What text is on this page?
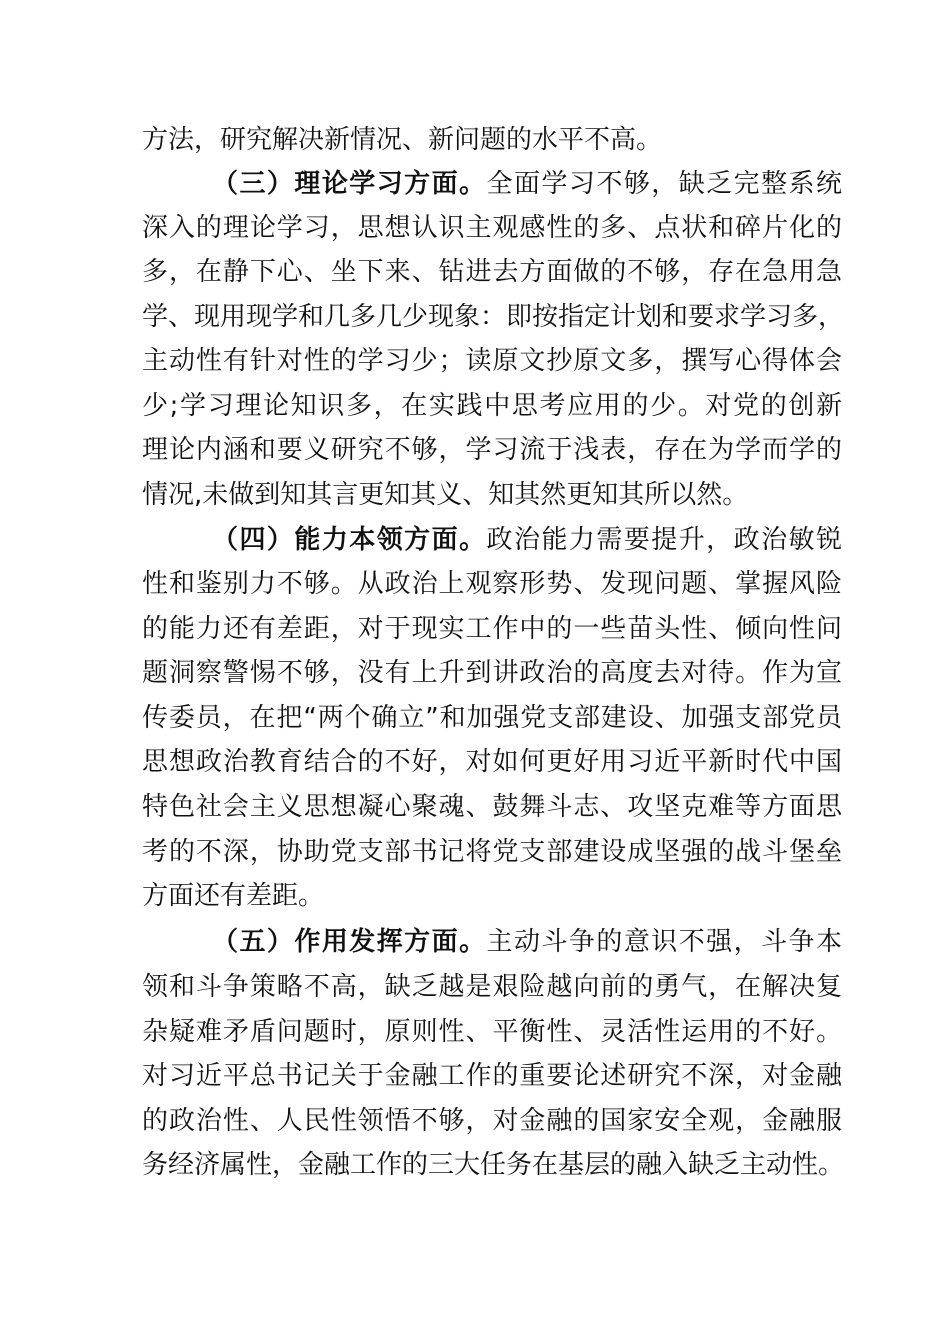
方法，研究解决新情况、新问题的水平不高。
（三）理论学习方面。全面学习不够，缺乏完整系统
深入的理论学习，思想认识主观感性的多、点状和碎片化的
多，在静下心、坐下来、钻进去方面做的不够，存在急用急
学、现用现学和几多几少现象：即按指定计划和要求学习多，
主动性有针对性的学习少；读原文抄原文多，撰写心得体会
少;学习理论知识多，在实践中思考应用的少。对党的创新
理论内涵和要义研究不够，学习流于浅表，存在为学而学的
情况,未做到知其言更知其义、知其然更知其所以然。
（四）能力本领方面。政治能力需要提升，政治敏锐
性和鉴别力不够。从政治上观察形势、发现问题、掌握风险
的能力还有差距，对于现实工作中的一些苗头性、倾向性问
题洞察警惕不够，没有上升到讲政治的高度去对待。作为宣
传委员，在把“两个确立”和加强党支部建设、加强支部党员
思想政治教育结合的不好，对如何更好用习近平新时代中国
特色社会主义思想凝心聚魂、鼓舞斗志、攻坚克难等方面思
考的不深，协助党支部书记将党支部建设成坚强的战斗堡垒
方面还有差距。
（五）作用发挥方面。主动斗争的意识不强，斗争本
领和斗争策略不高，缺乏越是艰险越向前的勇气，在解决复
杂疑难矛盾问题时，原则性、平衡性、灵活性运用的不好。
对习近平总书记关于金融工作的重要论述研究不深，对金融
的政治性、人民性领悟不够，对金融的国家安全观，金融服
务经济属性，金融工作的三大任务在基层的融入缺乏主动性。
